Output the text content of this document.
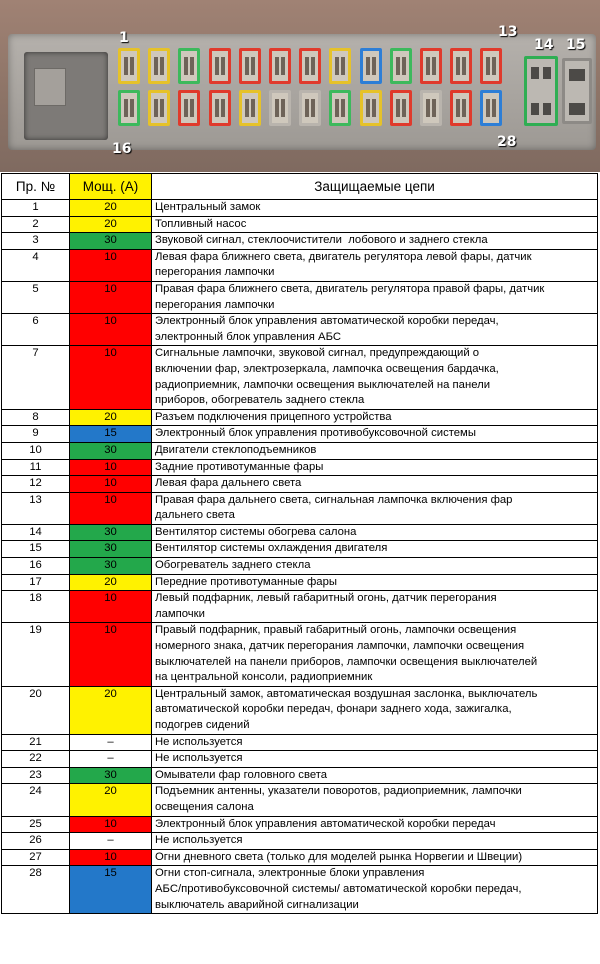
1	13
14 15
16	28
Пр. №	Мощ. (А)	Защищаемые цепи
1	20	Центральный замок
2	20	Топливный насос
3	30	Звуковой сигнал, стеклоочистители  лобового и заднего стекла
4	10	Левая фара ближнего света, двигатель регулятора левой фары, датчик
перегорания лампочки
5	10	Правая фара ближнего света, двигатель регулятора правой фары, датчик
перегорания лампочки
6	10	Электронный блок управления автоматической коробки передач,
электронный блок управления АБС
7	10	Сигнальные лампочки, звуковой сигнал, предупреждающий о
включении фар, электрозеркала, лампочка освещения бардачка,
радиоприемник, лампочки освещения выключателей на панели
приборов, обогреватель заднего стекла
8	20	Разъем подключения прицепного устройства
9	15	Электронный блок управления противобуксовочной системы
10	30	Двигатели стеклоподъемников
11	10	Задние противотуманные фары
12	10	Левая фара дальнего света
13	10	Правая фара дальнего света, сигнальная лампочка включения фар
дальнего света
14	30	Вентилятор системы обогрева салона
15	30	Вентилятор системы охлаждения двигателя
16	30	Обогреватель заднего стекла
17	20	Передние противотуманные фары
18	10	Левый подфарник, левый габаритный огонь, датчик перегорания
лампочки
19	10	Правый подфарник, правый габаритный огонь, лампочки освещения
номерного знака, датчик перегорания лампочки, лампочки освещения
выключателей на панели приборов, лампочки освещения выключателей
на центральной консоли, радиоприемник
20	20	Центральный замок, автоматическая воздушная заслонка, выключатель
автоматической коробки передач, фонари заднего хода, зажигалка,
подогрев сидений
21	–	Не используется
22	–	Не используется
23	30	Омыватели фар головного света
24	20	Подъемник антенны, указатели поворотов, радиоприемник, лампочки
освещения салона
25	10	Электронный блок управления автоматической коробки передач
26	–	Не используется
27	10	Огни дневного света (только для моделей рынка Норвегии и Швеции)
28	15	Огни стоп-сигнала, электронные блоки управления
АБС/противобуксовочной системы/ автоматической коробки передач,
выключатель аварийной сигнализации
